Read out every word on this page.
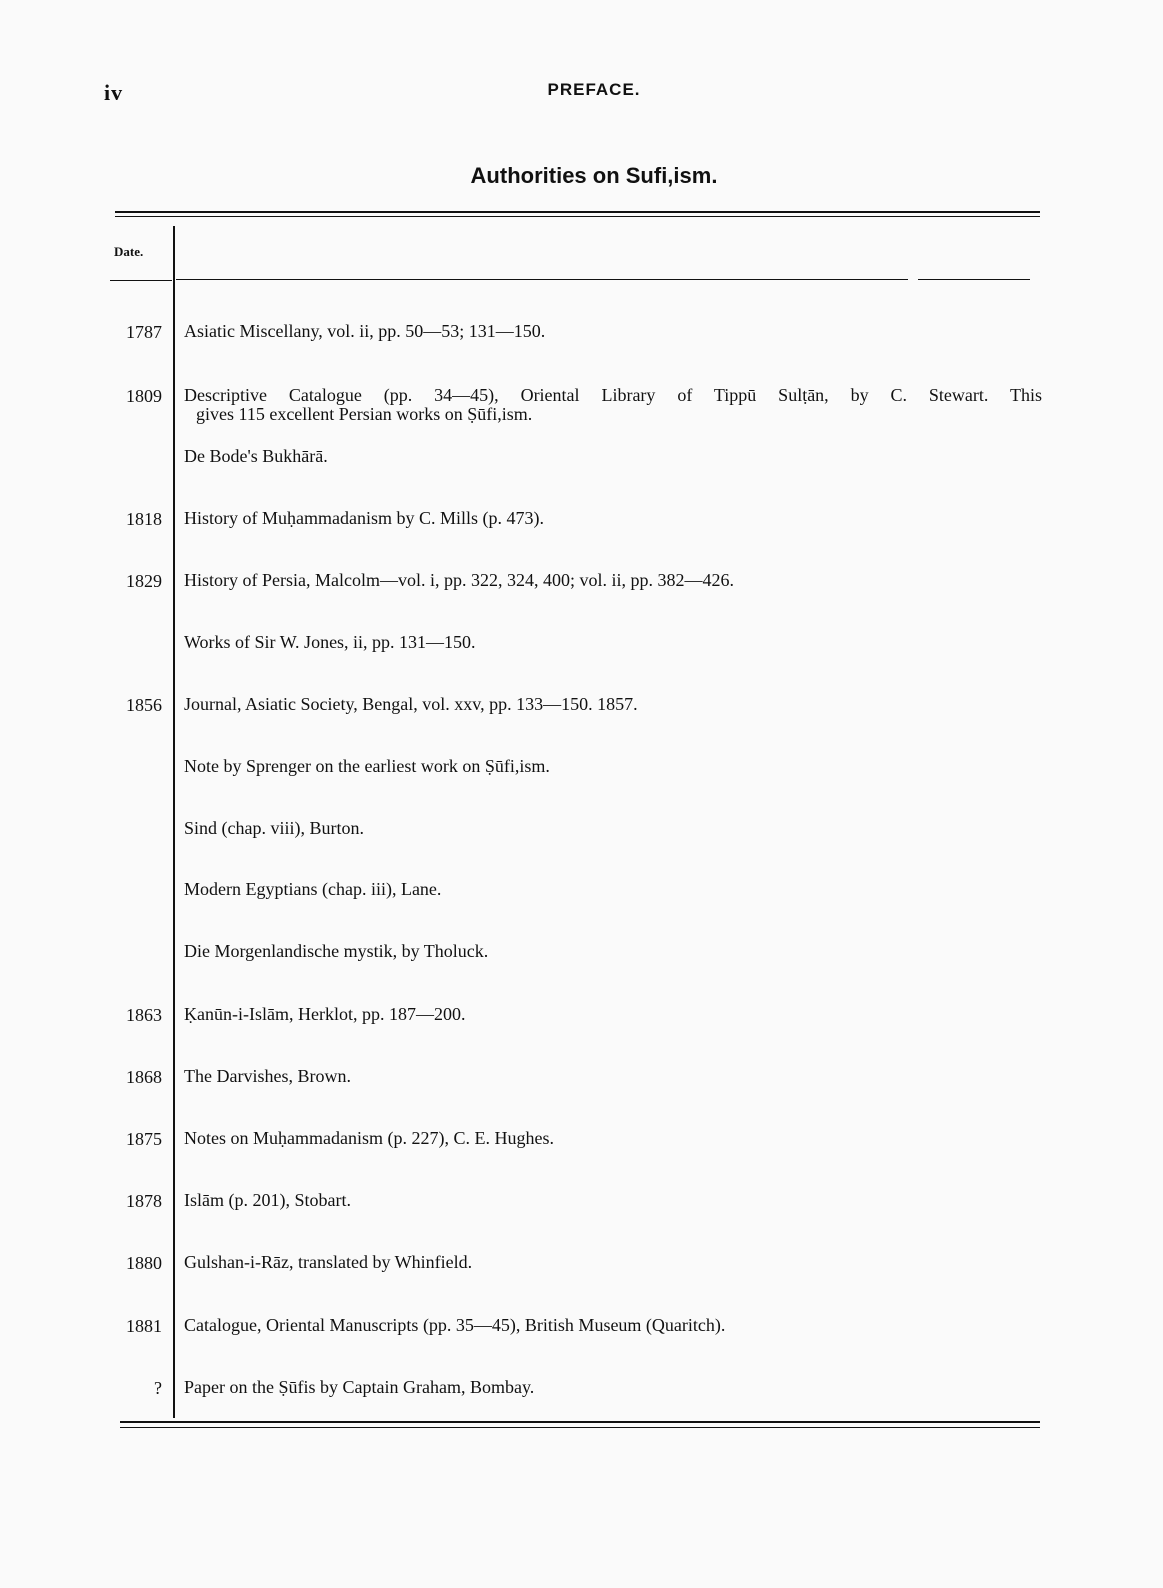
iv	PREFACE.
Authorities on Sufi,ism.
Date.
1787 Asiatic Miscellany, vol. ii, pp. 50—53; 131—150.
1809 Descriptive Catalogue (pp. 34—45), Oriental Library of Tippū Sulṭān, by C. Stewart. This
gives 115 excellent Persian works on Ṣūfi,ism.
De Bode's Bukhārā.
1818 History of Muḥammadanism by C. Mills (p. 473).
1829 History of Persia, Malcolm—vol. i, pp. 322, 324, 400; vol. ii, pp. 382—426.
Works of Sir W. Jones, ii, pp. 131—150.
1856 Journal, Asiatic Society, Bengal, vol. xxv, pp. 133—150. 1857.
Note by Sprenger on the earliest work on Ṣūfi,ism.
Sind (chap. viii), Burton.
Modern Egyptians (chap. iii), Lane.
Die Morgenlandische mystik, by Tholuck.
1863 Ḳanūn-i-Islām, Herklot, pp. 187—200.
1868 The Darvishes, Brown.
1875 Notes on Muḥammadanism (p. 227), C. E. Hughes.
1878 Islām (p. 201), Stobart.
1880 Gulshan-i-Rāz, translated by Whinfield.
1881 Catalogue, Oriental Manuscripts (pp. 35—45), British Museum (Quaritch).
? Paper on the Ṣūfis by Captain Graham, Bombay.
